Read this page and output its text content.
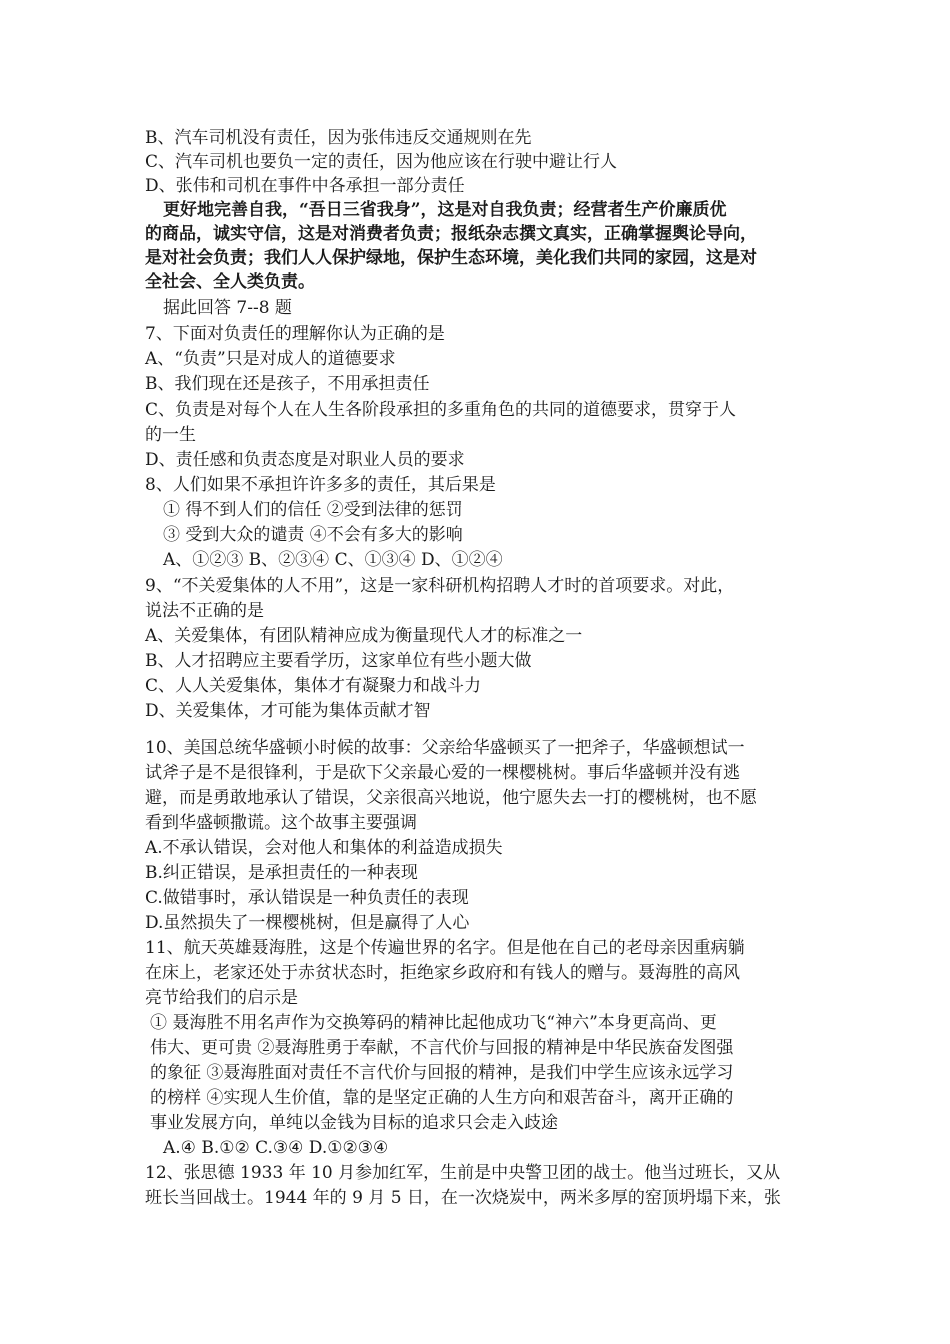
B、汽车司机没有责任，因为张伟违反交通规则在先
C、汽车司机也要负一定的责任，因为他应该在行驶中避让行人
D、张伟和司机在事件中各承担一部分责任
更好地完善自我，“吾日三省我身”，这是对自我负责；经营者生产价廉质优
的商品，诚实守信，这是对消费者负责；报纸杂志撰文真实，正确掌握舆论导向，
是对社会负责；我们人人保护绿地，保护生态环境，美化我们共同的家园，这是对
全社会、全人类负责。
据此回答 7--8 题
7、下面对负责任的理解你认为正确的是
A、“负责”只是对成人的道德要求
B、我们现在还是孩子，不用承担责任
C、负责是对每个人在人生各阶段承担的多重角色的共同的道德要求，贯穿于人
的一生
D、责任感和负责态度是对职业人员的要求
8、人们如果不承担许许多多的责任，其后果是
① 得不到人们的信任 ②受到法律的惩罚
③ 受到大众的谴责 ④不会有多大的影响
A、①②③ B、②③④ C、①③④ D、①②④
9、“不关爱集体的人不用”，这是一家科研机构招聘人才时的首项要求。对此，
说法不正确的是
A、关爱集体，有团队精神应成为衡量现代人才的标准之一
B、人才招聘应主要看学历，这家单位有些小题大做
C、人人关爱集体，集体才有凝聚力和战斗力
D、关爱集体，才可能为集体贡献才智
10、美国总统华盛顿小时候的故事：父亲给华盛顿买了一把斧子，华盛顿想试一
试斧子是不是很锋利，于是砍下父亲最心爱的一棵樱桃树。事后华盛顿并没有逃
避，而是勇敢地承认了错误，父亲很高兴地说，他宁愿失去一打的樱桃树，也不愿
看到华盛顿撒谎。这个故事主要强调
A.不承认错误，会对他人和集体的利益造成损失
B.纠正错误，是承担责任的一种表现
C.做错事时，承认错误是一种负责任的表现
D.虽然损失了一棵樱桃树，但是赢得了人心
11、航天英雄聂海胜，这是个传遍世界的名字。但是他在自己的老母亲因重病躺
在床上，老家还处于赤贫状态时，拒绝家乡政府和有钱人的赠与。聂海胜的高风
亮节给我们的启示是
① 聂海胜不用名声作为交换筹码的精神比起他成功飞“神六”本身更高尚、更
伟大、更可贵 ②聂海胜勇于奉献，不言代价与回报的精神是中华民族奋发图强
的象征 ③聂海胜面对责任不言代价与回报的精神，是我们中学生应该永远学习
的榜样 ④实现人生价值，靠的是坚定正确的人生方向和艰苦奋斗，离开正确的
事业发展方向，单纯以金钱为目标的追求只会走入歧途
A.④ B.①② C.③④ D.①②③④
12、张思德 1933 年 10 月参加红军，生前是中央警卫团的战士。他当过班长，又从
班长当回战士。1944 年的 9 月 5 日，在一次烧炭中，两米多厚的窑顶坍塌下来，张
